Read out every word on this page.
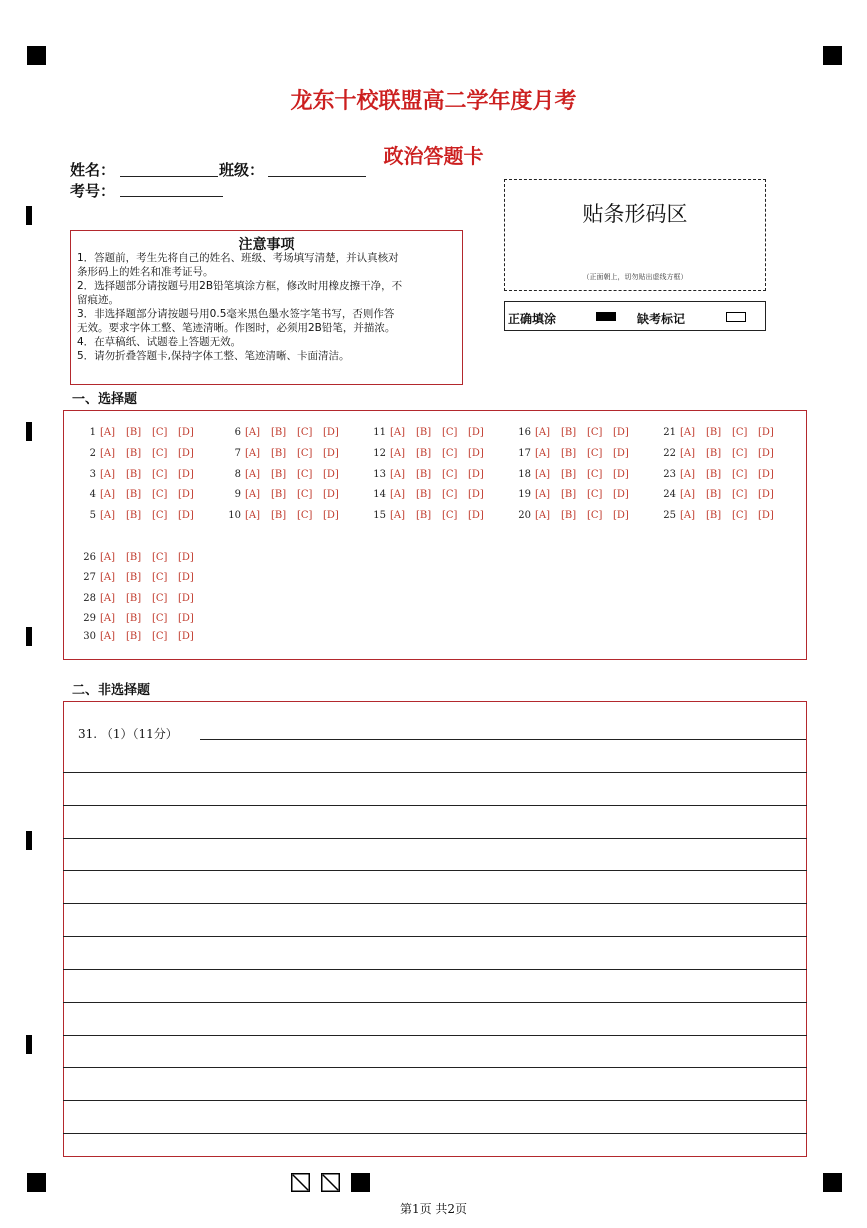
龙东十校联盟高二学年度月考
政治答题卡
姓名：	班级：
考号：
贴条形码区
（正面朝上，切勿贴出虚线方框）
正确填涂	缺考标记
注意事项
1．答题前，考生先将自己的姓名、班级、考场填写清楚，并认真核对
条形码上的姓名和准考证号。
2．选择题部分请按题号用2B铅笔填涂方框，修改时用橡皮擦干净，不
留痕迹。
3．非选择题部分请按题号用0.5毫米黑色墨水签字笔书写，否则作答
无效。要求字体工整、笔迹清晰。作图时，必须用2B铅笔，并描浓。
4．在草稿纸、试题卷上答题无效。
5．请勿折叠答题卡,保持字体工整、笔迹清晰、卡面清洁。
一、选择题
1 [A] [B] [C] [D]
2 [A] [B] [C] [D]
3 [A] [B] [C] [D]
4 [A] [B] [C] [D]
5 [A] [B] [C] [D]
6 [A] [B] [C] [D]
7 [A] [B] [C] [D]
8 [A] [B] [C] [D]
9 [A] [B] [C] [D]
10 [A] [B] [C] [D]
11 [A] [B] [C] [D]
12 [A] [B] [C] [D]
13 [A] [B] [C] [D]
14 [A] [B] [C] [D]
15 [A] [B] [C] [D]
16 [A] [B] [C] [D]
17 [A] [B] [C] [D]
18 [A] [B] [C] [D]
19 [A] [B] [C] [D]
20 [A] [B] [C] [D]
21 [A] [B] [C] [D]
22 [A] [B] [C] [D]
23 [A] [B] [C] [D]
24 [A] [B] [C] [D]
25 [A] [B] [C] [D]
26 [A] [B] [C] [D]
27 [A] [B] [C] [D]
28 [A] [B] [C] [D]
29 [A] [B] [C] [D]
30 [A] [B] [C] [D]
二、非选择题
31. （1）（11分）
第1页 共2页
